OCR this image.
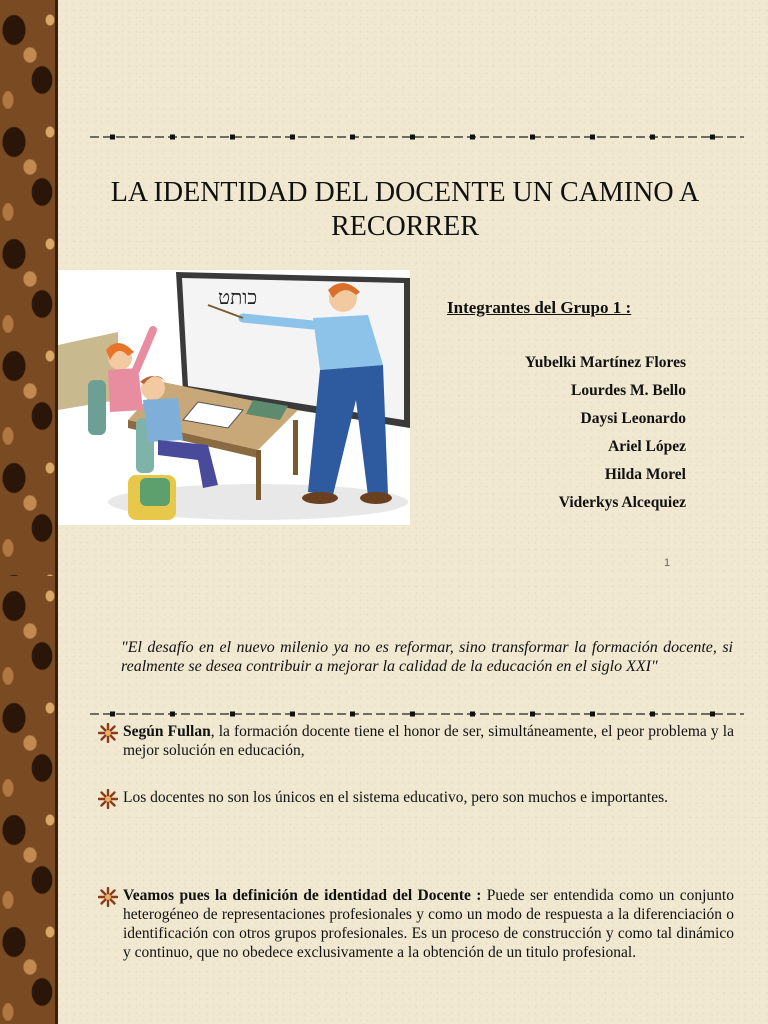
LA IDENTIDAD DEL DOCENTE UN CAMINO A RECORRER
כותט	Integrantes del Grupo 1 :
Yubelki Martínez Flores
Lourdes M. Bello
Daysi Leonardo
Ariel López
Hilda Morel
Viderkys Alcequiez
1

"El desafío en el nuevo milenio ya no es reformar, sino transformar la formación docente, si realmente se desea contribuir a mejorar la calidad de la educación en el siglo XXI"

Según Fullan, la formación docente tiene el honor de ser, simultáneamente, el peor problema y la mejor solución en educación,

Los docentes no son los únicos en el sistema educativo, pero son muchos e importantes.

Veamos pues la definición de identidad del Docente : Puede ser entendida como un conjunto heterogéneo de representaciones profesionales y como un modo de respuesta a la diferenciación o identificación con otros grupos profesionales. Es un proceso de construcción y como tal dinámico y continuo, que no obedece exclusivamente a la obtención de un titulo profesional.
